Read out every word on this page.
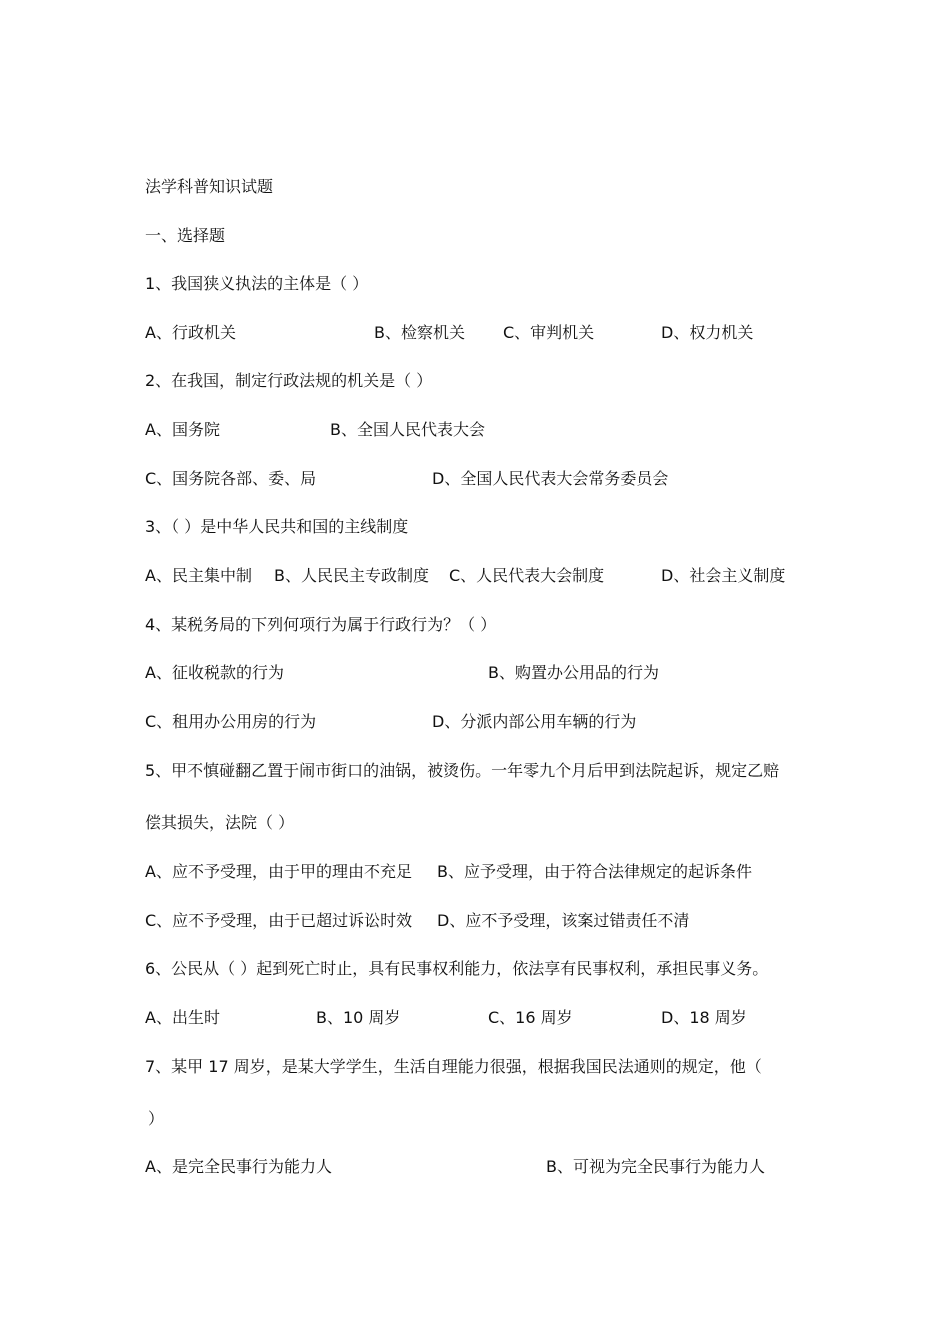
法学科普知识试题
一、选择题
1、我国狭义执法的主体是（ ）
A、行政机关	B、检察机关 C、审判机关	D、权力机关
2、在我国，制定行政法规的机关是（ ）
A、国务院	B、全国人民代表大会
C、国务院各部、委、局	D、全国人民代表大会常务委员会
3、（ ）是中华人民共和国的主线制度
A、民主集中制 B、人民民主专政制度 C、人民代表大会制度	D、社会主义制度
4、某税务局的下列何项行为属于行政行为？（ ）
A、征收税款的行为	B、购置办公用品的行为
C、租用办公用房的行为	D、分派内部公用车辆的行为
5、甲不慎碰翻乙置于闹市街口的油锅，被烫伤。一年零九个月后甲到法院起诉，规定乙赔
偿其损失，法院（ ）
A、应不予受理，由于甲的理由不充足 B、应予受理，由于符合法律规定的起诉条件
C、应不予受理，由于已超过诉讼时效 D、应不予受理，该案过错责任不清
6、公民从（ ）起到死亡时止，具有民事权利能力，依法享有民事权利，承担民事义务。
A、出生时	B、10 周岁	C、16 周岁	D、18 周岁
7、某甲 17 周岁，是某大学学生，生活自理能力很强，根据我国民法通则的规定，他（
）
A、是完全民事行为能力人	B、可视为完全民事行为能力人
